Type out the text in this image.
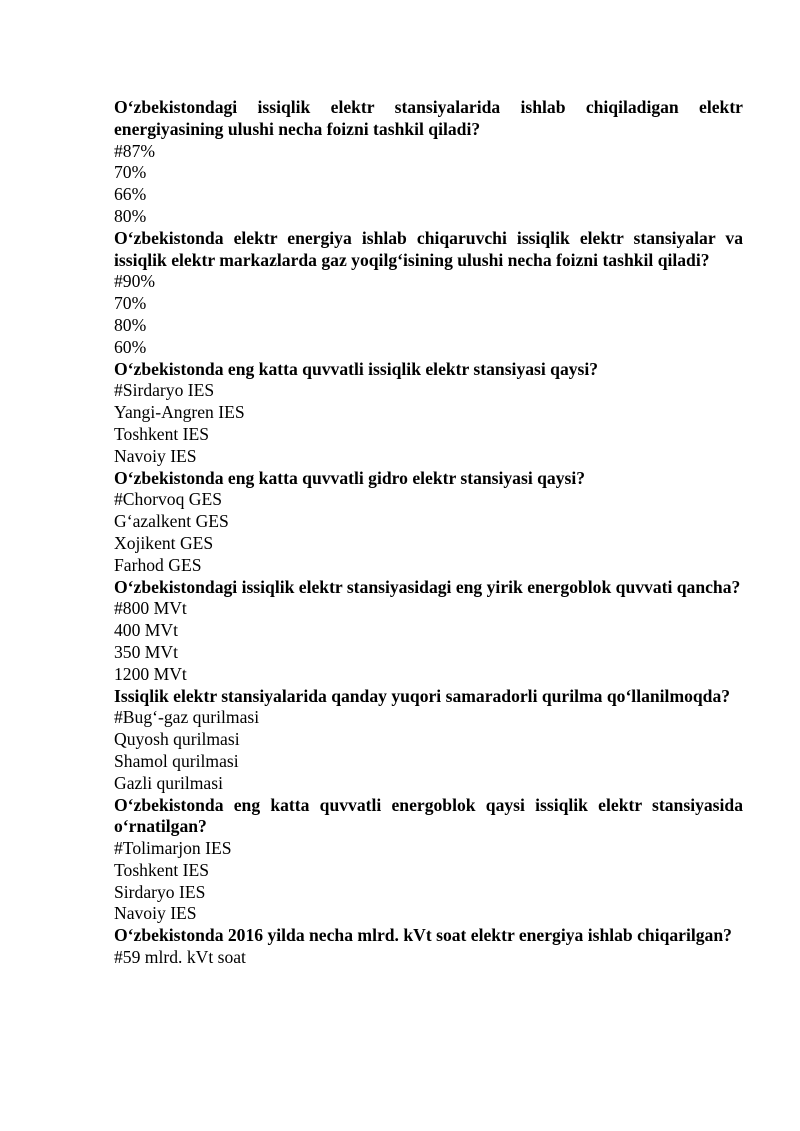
O‘zbekistondagi issiqlik elektr stansiyalarida ishlab chiqiladigan elektr energiyasining ulushi necha foizni tashkil qiladi?

#87%

70%

66%

80%

O‘zbekistonda elektr energiya ishlab chiqaruvchi issiqlik elektr stansiyalar va issiqlik elektr markazlarda gaz yoqilg‘isining ulushi necha foizni tashkil qiladi?

#90%

70%

80%

60%

O‘zbekistonda eng katta quvvatli issiqlik elektr stansiyasi qaysi?

#Sirdaryo IES

Yangi-Angren IES

Toshkent IES

Navoiy IES

O‘zbekistonda eng katta quvvatli gidro elektr stansiyasi qaysi?

#Chorvoq GES

G‘azalkent GES

Xojikent GES

Farhod GES

O‘zbekistondagi issiqlik elektr stansiyasidagi eng yirik energoblok quvvati qancha?

#800 MVt

400 MVt

350 MVt

1200 MVt

Issiqlik elektr stansiyalarida qanday yuqori samaradorli qurilma qo‘llanilmoqda?

#Bug‘-gaz qurilmasi

Quyosh qurilmasi

Shamol qurilmasi

Gazli qurilmasi

O‘zbekistonda eng katta quvvatli energoblok qaysi issiqlik elektr stansiyasida o‘rnatilgan?

#Tolimarjon IES

Toshkent IES

Sirdaryo IES

Navoiy IES

O‘zbekistonda 2016 yilda necha mlrd. kVt soat elektr energiya ishlab chiqarilgan?

#59 mlrd. kVt soat
